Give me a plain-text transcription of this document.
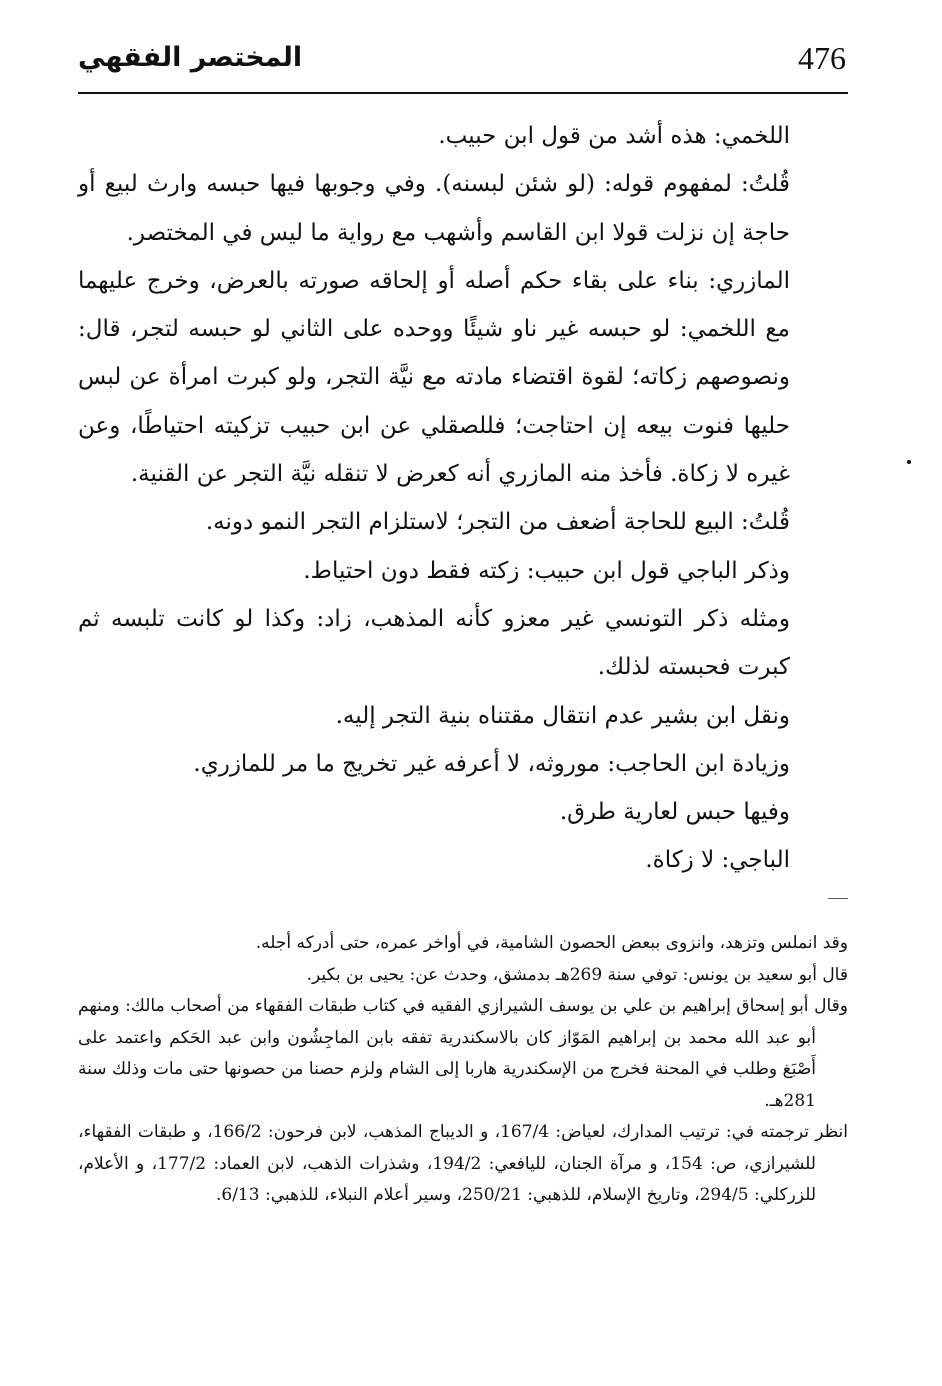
476
المختصر الفقهي

اللخمي: هذه أشد من قول ابن حبيب.

قُلتُ: لمفهوم قوله: (لو شئن لبسنه). وفي وجوبها فيها حبسه وارث لبيع أو حاجة إن نزلت قولا ابن القاسم وأشهب مع رواية ما ليس في المختصر.

المازري: بناء على بقاء حكم أصله أو إلحاقه صورته بالعرض، وخرج عليهما مع اللخمي: لو حبسه غير ناو شيئًا ووحده على الثاني لو حبسه لتجر، قال: ونصوصهم زكاته؛ لقوة اقتضاء مادته مع نيَّة التجر، ولو كبرت امرأة عن لبس حليها فنوت بيعه إن احتاجت؛ فللصقلي عن ابن حبيب تزكيته احتياطًا، وعن غيره لا زكاة. فأخذ منه المازري أنه كعرض لا تنقله نيَّة التجر عن القنية.

قُلتُ: البيع للحاجة أضعف من التجر؛ لاستلزام التجر النمو دونه.

وذكر الباجي قول ابن حبيب: زكته فقط دون احتياط.

ومثله ذكر التونسي غير معزو كأنه المذهب، زاد: وكذا لو كانت تلبسه ثم كبرت فحبسته لذلك.

ونقل ابن بشير عدم انتقال مقتناه بنية التجر إليه.

وزيادة ابن الحاجب: موروثه، لا أعرفه غير تخريج ما مر للمازري.

وفيها حبس لعارية طرق.

الباجي: لا زكاة.

وقد انملس وتزهد، وانزوى ببعض الحصون الشامية، في أواخر عمره، حتى أدركه أجله.

قال أبو سعيد بن يونس: توفي سنة 269هـ بدمشق، وحدث عن: يحيى بن بكير.

وقال أبو إسحاق إبراهيم بن علي بن يوسف الشيرازي الفقيه في كتاب طبقات الفقهاء من أصحاب مالك: ومنهم أبو عبد الله محمد بن إبراهيم المَوّاز كان بالاسكندرية تفقه بابن الماجِشُون وابن عبد الحَكم واعتمد على أَصْبَغ وطلب في المحنة فخرج من الإسكندرية هاربا إلى الشام ولزم حصنا من حصونها حتى مات وذلك سنة 281هـ.

انظر ترجمته في: ترتيب المدارك، لعياض: 167/4، و الديباج المذهب، لابن فرحون: 166/2، و طبقات الفقهاء، للشيرازي، ص: 154، و مرآة الجنان، لليافعي: 194/2، وشذرات الذهب، لابن العماد: 177/2، و الأعلام، للزركلي: 294/5، وتاريخ الإسلام، للذهبي: 250/21، وسير أعلام النبلاء، للذهبي: 6/13.
